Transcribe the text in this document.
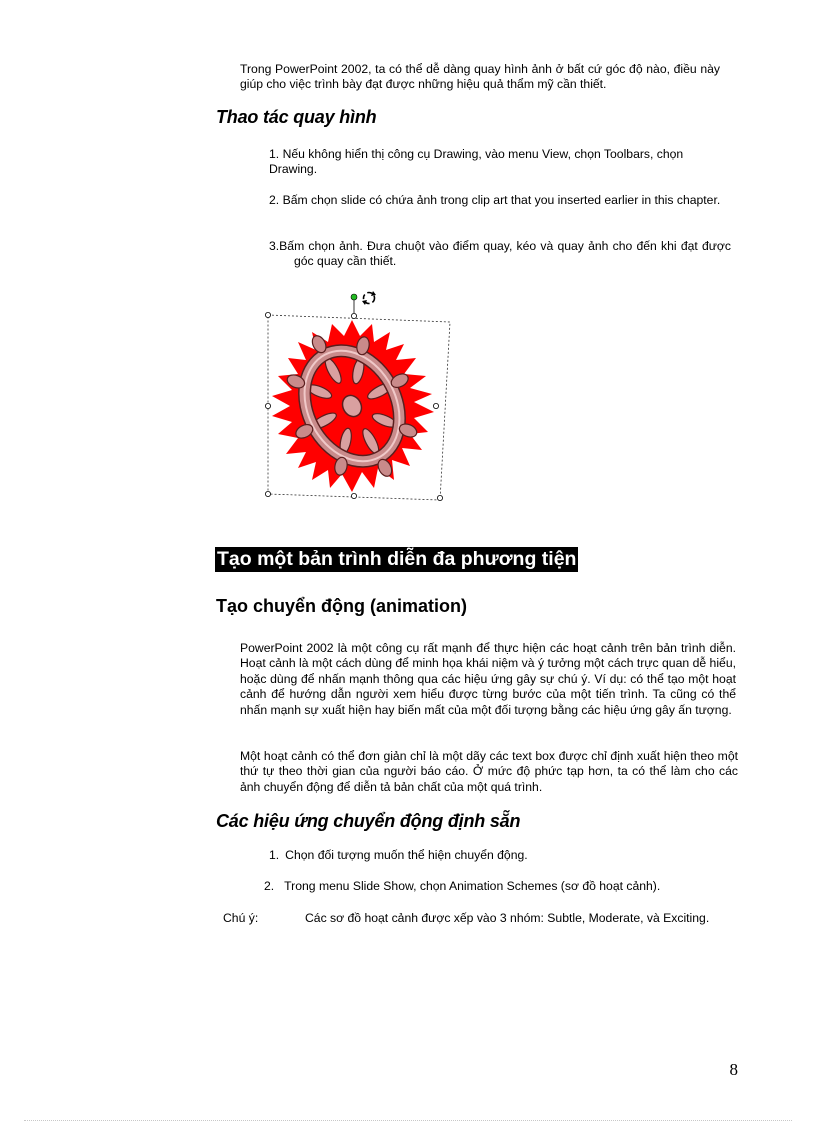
Trong PowerPoint 2002, ta có thể dễ dàng quay hình ảnh ở bất cứ góc độ nào, điều này giúp cho việc trình bày đạt được những hiệu quả thẩm mỹ cần thiết.

Thao tác quay hình

1. Nếu không hiển thị công cụ Drawing, vào menu View, chọn Toolbars, chọn Drawing.

2. Bấm chọn slide có chứa ảnh trong clip art that you inserted earlier in this chapter.

3.Bấm chọn ảnh. Đưa chuột vào điểm quay, kéo và quay ảnh cho đến khi đạt được góc quay cần thiết.

Tạo một bản trình diễn đa phương tiện
Tạo chuyển động (animation)

PowerPoint 2002 là một công cụ rất mạnh để thực hiện các hoạt cảnh trên bản trình diễn. Hoạt cảnh là một cách dùng để minh họa khái niệm và ý tưởng một cách trực quan dễ hiểu, hoặc dùng để nhấn mạnh thông qua các hiệu ứng gây sự chú ý. Ví dụ: có thể tạo một hoạt cảnh để hướng dẫn người xem hiểu được từng bước của một tiến trình. Ta cũng có thể nhấn mạnh sự xuất hiện hay biến mất của một đối tượng bằng các hiệu ứng gây ấn tượng.

Một hoạt cảnh có thể đơn giản chỉ là một dãy các text box được chỉ định xuất hiện theo một thứ tự theo thời gian của người báo cáo. Ở mức độ phức tạp hơn, ta có thể làm cho các ảnh chuyển động để diễn tả bản chất của một quá trình.

Các hiệu ứng chuyển động định sẵn

1. Chọn đối tượng muốn thể hiện chuyển động.

2. Trong menu Slide Show, chọn Animation Schemes (sơ đồ hoạt cảnh).

Chú ý:	Các sơ đồ hoạt cảnh được xếp vào 3 nhóm: Subtle, Moderate, và Exciting.

8
